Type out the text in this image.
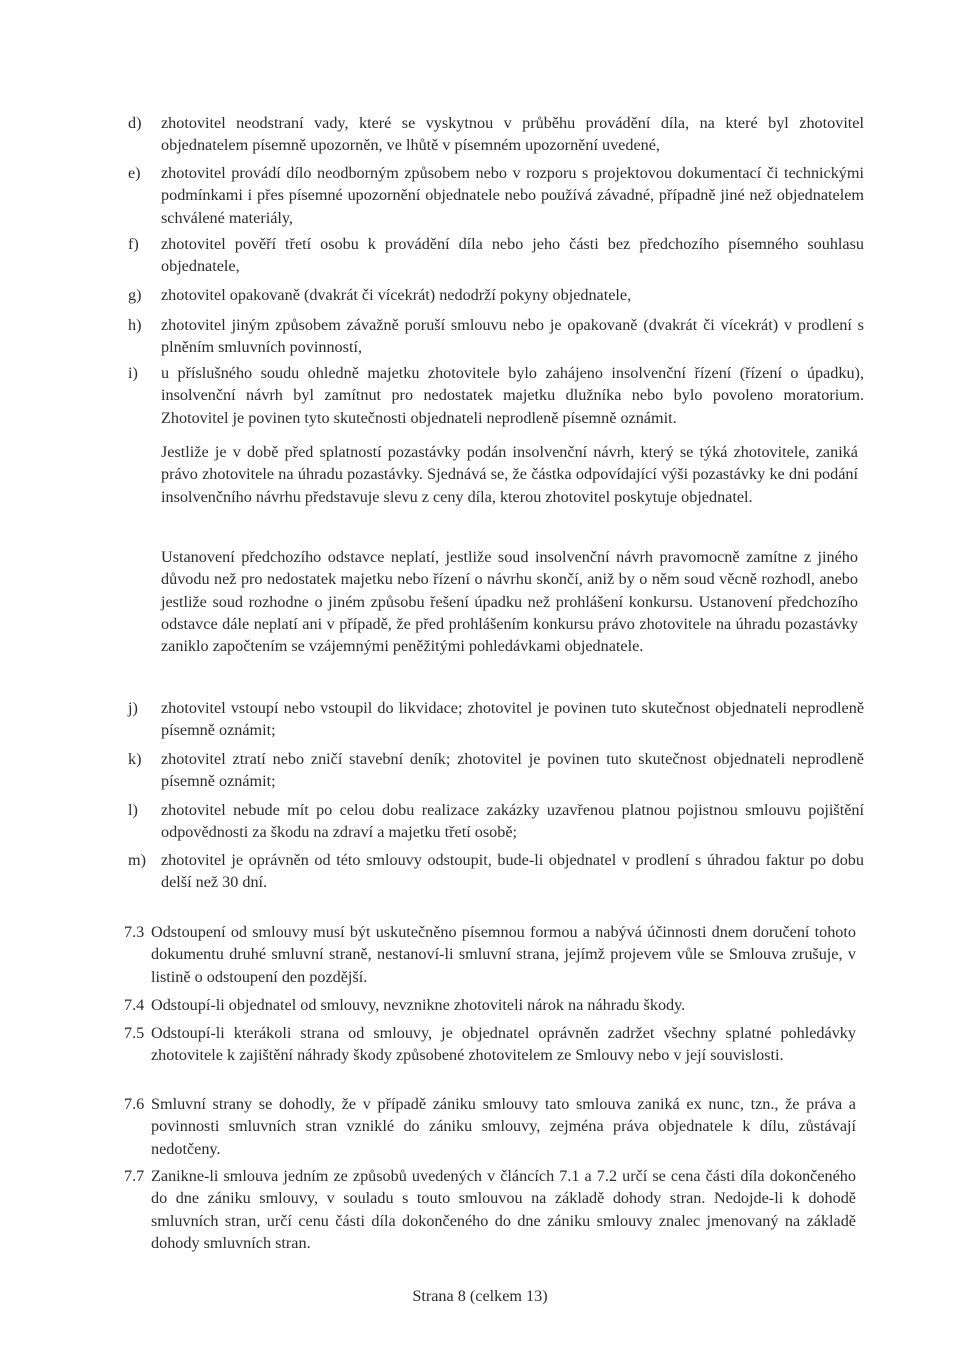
d) zhotovitel neodstraní vady, které se vyskytnou v průběhu provádění díla, na které byl zhotovitel objednatelem písemně upozorněn, ve lhůtě v písemném upozornění uvedené,
e) zhotovitel provádí dílo neodborným způsobem nebo v rozporu s projektovou dokumentací či technickými podmínkami i přes písemné upozornění objednatele nebo používá závadné, případně jiné než objednatelem schválené materiály,
f) zhotovitel pověří třetí osobu k provádění díla nebo jeho části bez předchozího písemného souhlasu objednatele,
g) zhotovitel opakovaně (dvakrát či vícekrát) nedodrží pokyny objednatele,
h) zhotovitel jiným způsobem závažně poruší smlouvu nebo je opakovaně (dvakrát či vícekrát) v prodlení s plněním smluvních povinností,
i) u příslušného soudu ohledně majetku zhotovitele bylo zahájeno insolvenční řízení (řízení o úpadku), insolvenční návrh byl zamítnut pro nedostatek majetku dlužníka nebo bylo povoleno moratorium. Zhotovitel je povinen tyto skutečnosti objednateli neprodleně písemně oznámit.
Jestliže je v době před splatností pozastávky podán insolvenční návrh, který se týká zhotovitele, zaniká právo zhotovitele na úhradu pozastávky. Sjednává se, že částka odpovídající výši pozastávky ke dni podání insolvenčního návrhu představuje slevu z ceny díla, kterou zhotovitel poskytuje objednatel.
Ustanovení předchozího odstavce neplatí, jestliže soud insolvenční návrh pravomocně zamítne z jiného důvodu než pro nedostatek majetku nebo řízení o návrhu skončí, aniž by o něm soud věcně rozhodl, anebo jestliže soud rozhodne o jiném způsobu řešení úpadku než prohlášení konkursu. Ustanovení předchozího odstavce dále neplatí ani v případě, že před prohlášením konkursu právo zhotovitele na úhradu pozastávky zaniklo započtením se vzájemnými peněžitými pohledávkami objednatele.
j) zhotovitel vstoupí nebo vstoupil do likvidace; zhotovitel je povinen tuto skutečnost objednateli neprodleně písemně oznámit;
k) zhotovitel ztratí nebo zničí stavební deník; zhotovitel je povinen tuto skutečnost objednateli neprodleně písemně oznámit;
l) zhotovitel nebude mít po celou dobu realizace zakázky uzavřenou platnou pojistnou smlouvu pojištění odpovědnosti za škodu na zdraví a majetku třetí osobě;
m) zhotovitel je oprávněn od této smlouvy odstoupit, bude-li objednatel v prodlení s úhradou faktur po dobu delší než 30 dní.
7.3 Odstoupení od smlouvy musí být uskutečněno písemnou formou a nabývá účinnosti dnem doručení tohoto dokumentu druhé smluvní straně, nestanoví-li smluvní strana, jejímž projevem vůle se Smlouva zrušuje, v listině o odstoupení den pozdější.
7.4 Odstoupí-li objednatel od smlouvy, nevznikne zhotoviteli nárok na náhradu škody.
7.5 Odstoupí-li kterákoli strana od smlouvy, je objednatel oprávněn zadržet všechny splatné pohledávky zhotovitele k zajištění náhrady škody způsobené zhotovitelem ze Smlouvy nebo v její souvislosti.
7.6 Smluvní strany se dohodly, že v případě zániku smlouvy tato smlouva zaniká ex nunc, tzn., že práva a povinnosti smluvních stran vzniklé do zániku smlouvy, zejména práva objednatele k dílu, zůstávají nedotčeny.
7.7 Zanikne-li smlouva jedním ze způsobů uvedených v článcích 7.1 a 7.2 určí se cena části díla dokončeného do dne zániku smlouvy, v souladu s touto smlouvou na základě dohody stran. Nedojde-li k dohodě smluvních stran, určí cenu části díla dokončeného do dne zániku smlouvy znalec jmenovaný na základě dohody smluvních stran.
Strana 8 (celkem 13)
